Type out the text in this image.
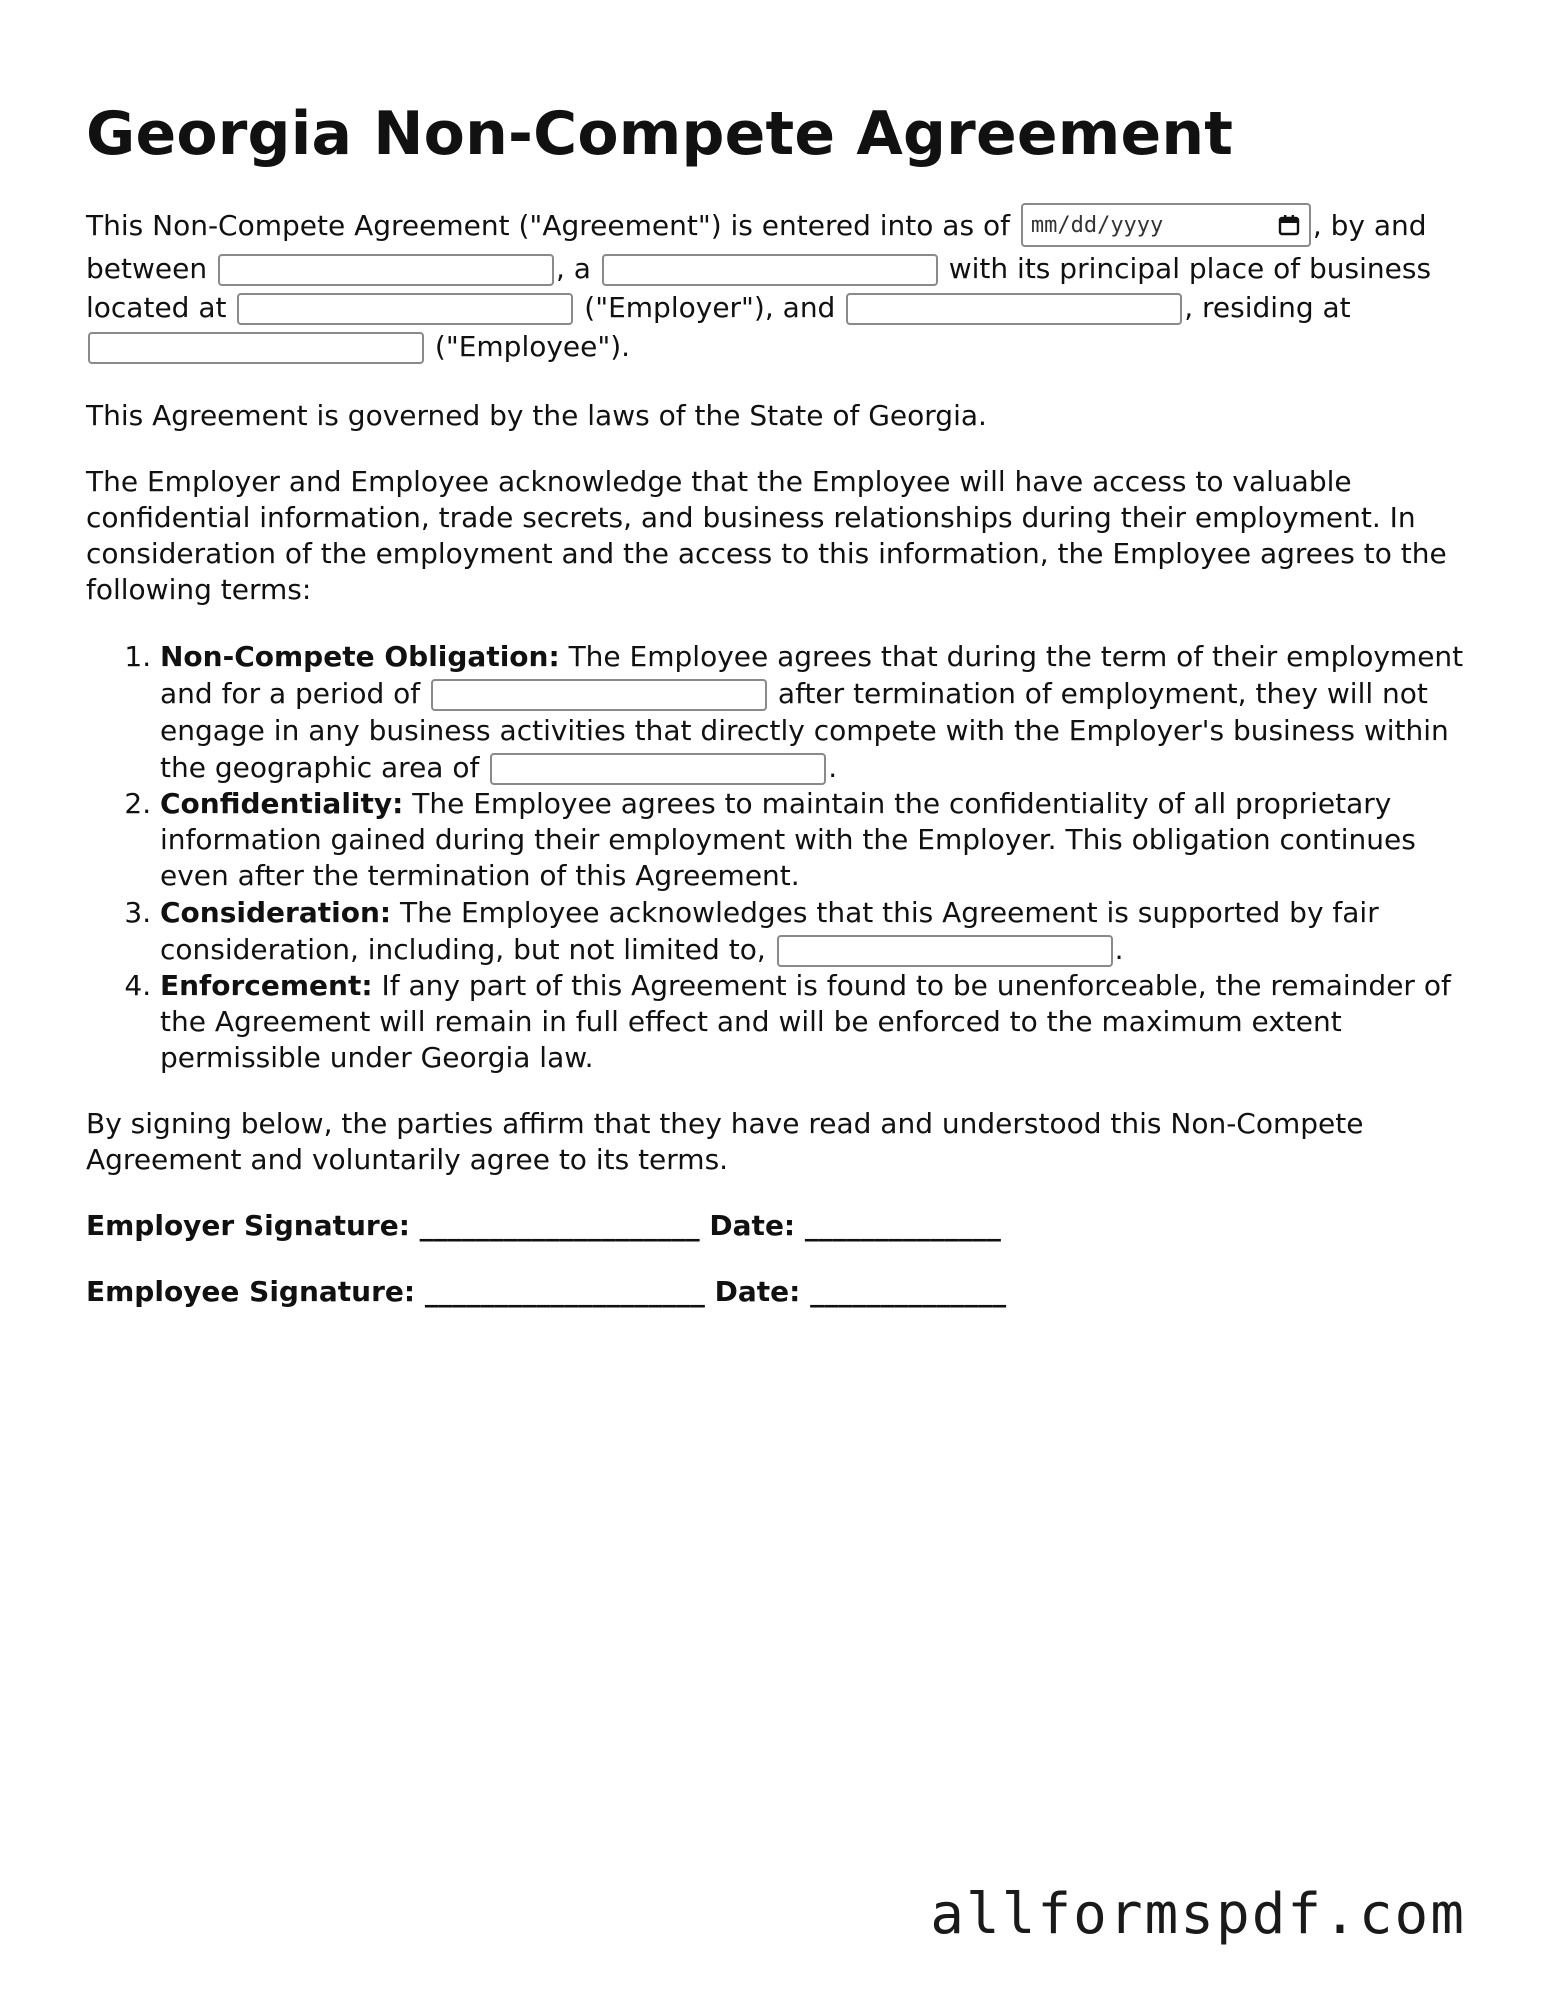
Georgia Non-Compete Agreement

This Non-Compete Agreement ("Agreement") is entered into as of mm/dd/yyyy	, by and between	, a	with its principal place of business located at	("Employer"), and	, residing at  ("Employee").

This Agreement is governed by the laws of the State of Georgia.

The Employer and Employee acknowledge that the Employee will have access to valuable confidential information, trade secrets, and business relationships during their employment. In consideration of the employment and the access to this information, the Employee agrees to the following terms:

1. Non-Compete Obligation: The Employee agrees that during the term of their employment and for a period of	after termination of employment, they will not engage in any business activities that directly compete with the Employer's business within the geographic area of	.
2. Confidentiality: The Employee agrees to maintain the confidentiality of all proprietary information gained during their employment with the Employer. This obligation continues even after the termination of this Agreement.
3. Consideration: The Employee acknowledges that this Agreement is supported by fair consideration, including, but not limited to,	.
4. Enforcement: If any part of this Agreement is found to be unenforceable, the remainder of the Agreement will remain in full effect and will be enforced to the maximum extent permissible under Georgia law.

By signing below, the parties affirm that they have read and understood this Non-Compete Agreement and voluntarily agree to its terms.

Employer Signature: ____________________ Date: ______________
Employee Signature: ____________________ Date: ______________
allformspdf.com
